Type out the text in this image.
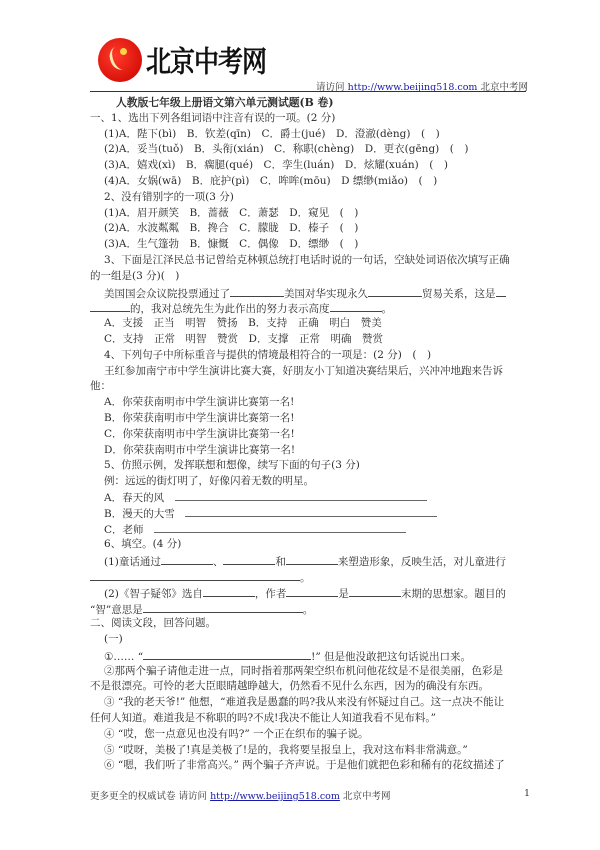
北京中考网
请访问 http://www.beijing518.com 北京中考网
人教版七年级上册语文第六单元测试题(B 卷)
一、1、选出下列各组词语中注音有误的一项。(2 分)
(1)A．陛下(bì)　B．钦差(qīn)　C．爵士(jué)　D．澄澈(dèng)　(　)
(2)A．妥当(tuǒ)　B．头衔(xián)　C．称职(chèng)　D．更衣(gēng)　(　)
(3)A．嬉戏(xì)　B．瘸腿(qué)　C．孪生(luán)　D．炫耀(xuán)　(　)
(4)A．女娲(wā)　B．庇护(pì)　C．哞哞(mōu)　D 缥缈(miǎo)　(　)
2、没有错别字的一项(3 分)
(1)A．眉开颜笑　B．蔷薇　C．萧瑟　D．窥见　(　)
(2)A．水波粼粼　B．搀合　C．朦胧　D．榛子　(　)
(3)A．生气篷勃　B．慷慨　C．偶像　D．缥缈　(　)
3、下面是江泽民总书记曾给克林顿总统打电话时说的一句话，空缺处词语依次填写正确
的一组是(3 分)(　)
美国国会众议院投票通过了	美国对华实现永久	贸易关系，这是
的，我对总统先生为此作出的努力表示高度	。
A．支援　正当　明智　赞扬　B．支持　正确　明白　赞美
C．支持　正常　明智　赞赏　D．支撑　正常　明确　赞赏
4、下列句子中所标重音与提供的情境最相符合的一项是：(2 分)　(　)
王红参加南宁市中学生演讲比赛大赛，好朋友小丁知道决赛结果后，兴冲冲地跑来告诉
他：
A．你荣获南明市中学生演讲比赛第一名!
B．你荣获南明市中学生演讲比赛第一名!
C．你荣获南明市中学生演讲比赛第一名!
D．你荣获南明市中学生演讲比赛第一名!
5、仿照示例，发挥联想和想像，续写下面的句子(3 分)
例：远远的街灯明了，好像闪着无数的明星。
A．春天的风　
B．漫天的大雪　
C．老师　
6、填空。(4 分)
(1)童话通过	、	和	来塑造形象，反映生活，对儿童进行
。
(2)《智子疑邻》选自	，作者	是	末期的思想家。题目的
“智”意思是	。
二、阅读文段，回答问题。
(一)
①…… “	!” 但是他没敢把这句话说出口来。
②那两个骗子请他走进一点，同时指着那两架空织布机问他花纹是不是很美丽，色彩是
不是很漂亮。可怜的老大臣眼睛越睁越大，仍然看不见什么东西，因为的确没有东西。
③ “我的老天爷!” 他想，“难道我是愚蠢的吗?我从来没有怀疑过自己。这一点决不能让
任何人知道。难道我是不称职的吗?不成!我决不能让人知道我看不见布料。”
④ “哎，您一点意见也没有吗?” 一个正在织布的骗子说。
⑤ “哎呀，美极了!真是美极了!是的，我将要呈报皇上，我对这布料非常满意。”
⑥ “嗯，我们听了非常高兴。” 两个骗子齐声说。于是他们就把色彩和稀有的花纹描述了
更多更全的权威试卷 请访问 http://www.beijing518.com 北京中考网	1
